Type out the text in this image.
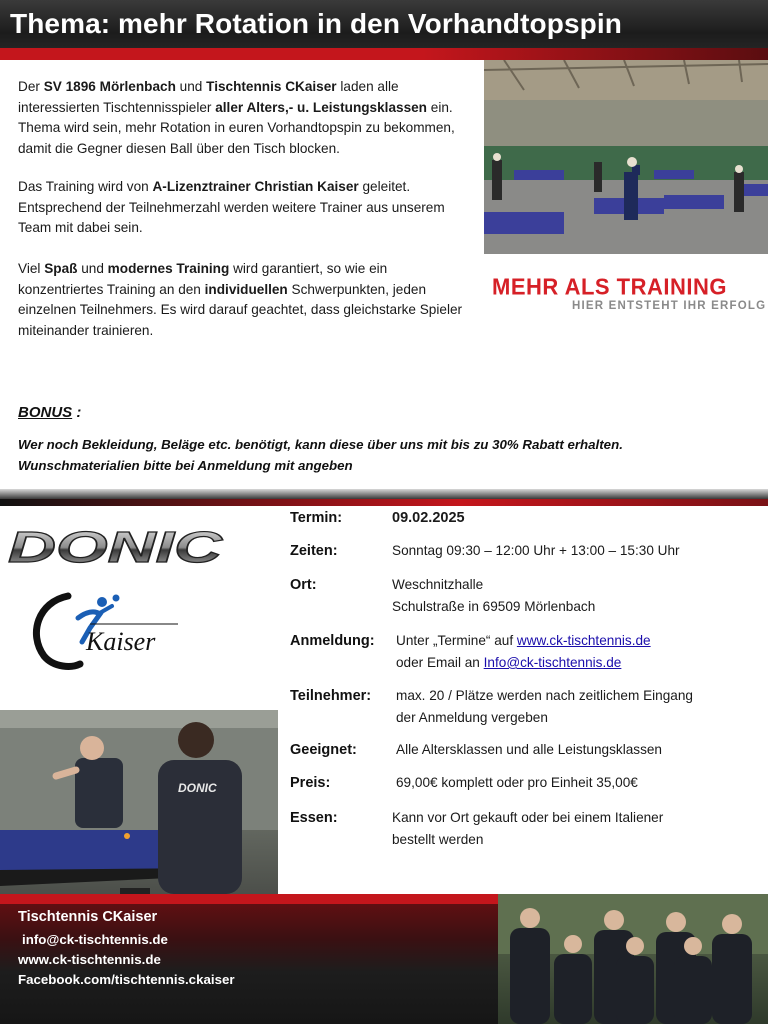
Thema: mehr Rotation in den Vorhandtopspin
Der SV 1896 Mörlenbach und Tischtennis CKaiser laden alle interessierten Tischtennisspieler aller Alters,- u. Leistungsklassen ein. Thema wird sein, mehr Rotation in euren Vorhandtopspin zu bekommen, damit die Gegner diesen Ball über den Tisch blocken.
Das Training wird von A-Lizenztrainer Christian Kaiser geleitet. Entsprechend der Teilnehmerzahl werden weitere Trainer aus unserem Team mit dabei sein.
Viel Spaß und modernes Training wird garantiert, so wie ein konzentriertes Training an den individuellen Schwerpunkten, jeden einzelnen Teilnehmers. Es wird darauf geachtet, dass gleichstarke Spieler miteinander trainieren.
MEHR ALS TRAINING
HIER ENTSTEHT IHR ERFOLG
BONUS :
Wer noch Bekleidung, Beläge etc. benötigt, kann diese über uns mit bis zu 30% Rabatt erhalten.
Wunschmaterialien bitte bei Anmeldung mit angeben
DONIC
Kaiser
DONIC
Termin:	09.02.2025
Zeiten:	Sonntag 09:30 – 12:00 Uhr + 13:00 – 15:30 Uhr
Ort:	Weschnitzhalle
Schulstraße in 69509 Mörlenbach
Anmeldung: Unter „Termine“ auf www.ck-tischtennis.de
oder Email an Info@ck-tischtennis.de
Teilnehmer: max. 20 / Plätze werden nach zeitlichem Eingang
der Anmeldung vergeben
Geeignet:	Alle Altersklassen und alle Leistungsklassen
Preis:	69,00€ komplett oder pro Einheit 35,00€
Essen:	Kann vor Ort gekauft oder bei einem Italiener
bestellt werden
Tischtennis CKaiser
info@ck-tischtennis.de
www.ck-tischtennis.de
Facebook.com/tischtennis.ckaiser
